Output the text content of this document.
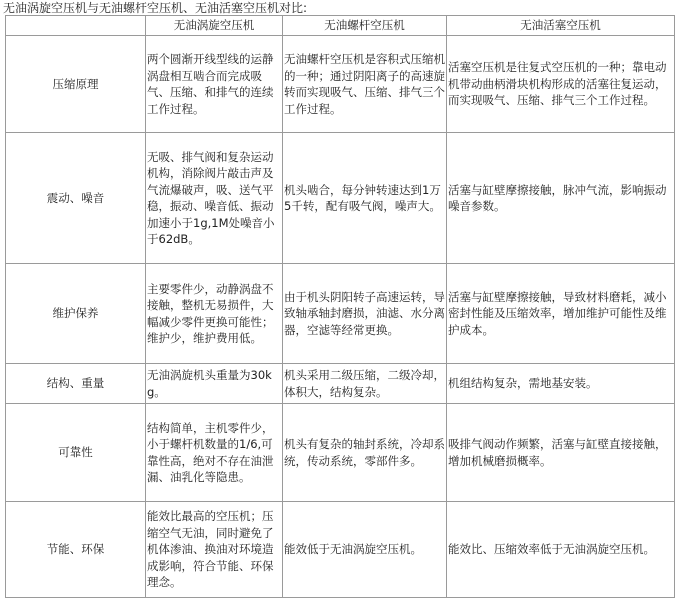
无油涡旋空压机与无油螺杆空压机、无油活塞空压机对比:
	无油涡旋空压机	无油螺杆空压机	无油活塞空压机
压缩原理	两个圆渐开线型线的运静涡盘相互啮合而完成吸气、压缩、和排气的连续工作过程。	无油螺杆空压机是容积式压缩机的一种；通过阴阳离子的高速旋转而实现吸气、压缩、排气三个工作过程。	活塞空压机是往复式空压机的一种；靠电动机带动曲柄滑块机构形成的活塞往复运动，而实现吸气、压缩、排气三个工作过程。
震动、噪音	无吸、排气阀和复杂运动机构，消除阀片敲击声及气流爆破声，吸、送气平稳，振动、噪音低、振动加速小于1g,1M处噪音小于62dB。	机头啮合，每分钟转速达到1万5千转，配有吸气阀，噪声大。	活塞与缸壁摩擦接触，脉冲气流，影响振动噪音参数。
维护保养	主要零件少，动静涡盘不接触，整机无易损件，大幅减少零件更换可能性；维护少，维护费用低。	由于机头阴阳转子高速运转，导致轴承轴封磨损，油滤、水分离器，空滤等经常更换。	活塞与缸壁摩擦接触，导致材料磨耗，减小密封性能及压缩效率，增加维护可能性及维护成本。
结构、重量	无油涡旋机头重量为30kg。	机头采用二级压缩，二级冷却，体积大，结构复杂。	机组结构复杂，需地基安装。
可靠性	结构简单，主机零件少，小于螺杆机数量的1/6,可靠性高，绝对不存在油泄漏、油乳化等隐患。	机头有复杂的轴封系统，冷却系统，传动系统，零部件多。	吸排气阀动作频繁，活塞与缸壁直接接触，增加机械磨损概率。
节能、环保	能效比最高的空压机；压缩空气无油，同时避免了机体渗油、换油对环境造成影响，符合节能、环保理念。	能效低于无油涡旋空压机。	能效比、压缩效率低于无油涡旋空压机。
